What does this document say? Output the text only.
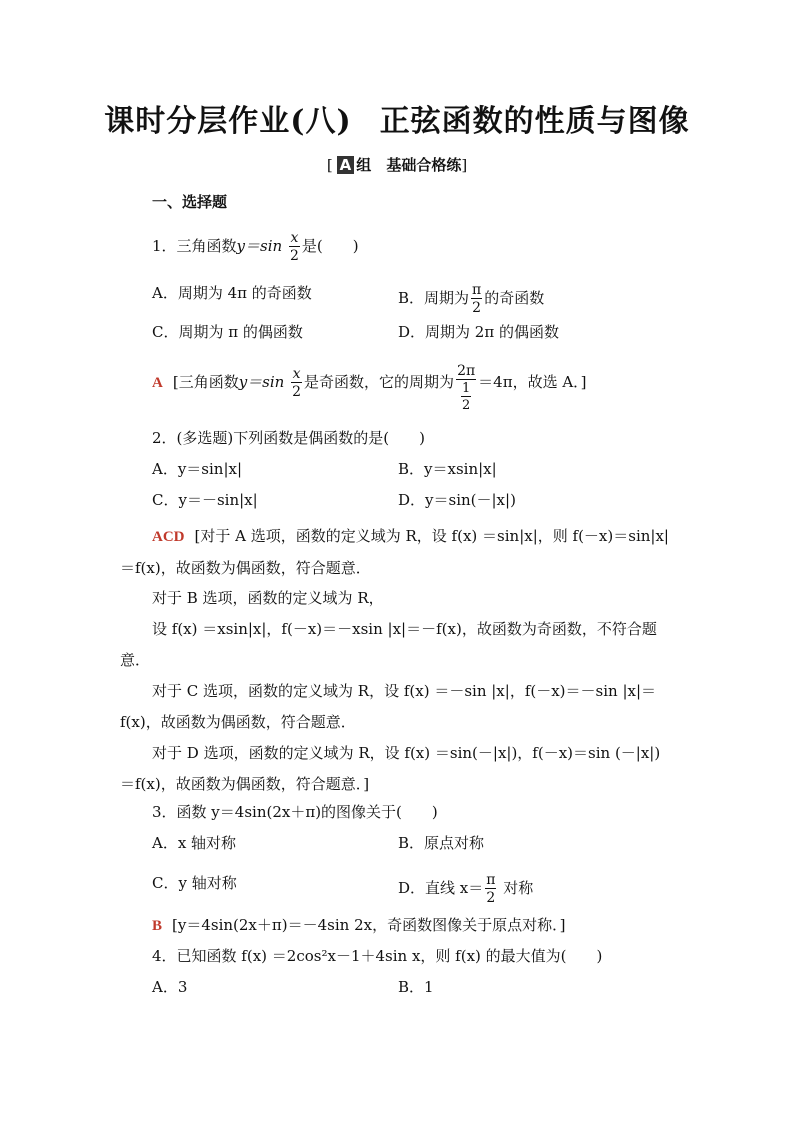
课时分层作业(八) 正弦函数的性质与图像
[ A 组　 基础合格练]
一、选择题
1．三角函数$y=\sin \frac{x}{2}$ 是(　　)
A．周期为 4π 的奇函数	B．周期为 $\frac{\pi}{2}$ 的奇函数
C．周期为 π 的偶函数	D．周期为 2π 的偶函数
A [三角函数$y=\sin \frac{x}{2}$ 是奇函数，它的周期为 $\frac{2\pi}{\frac{1}{2}} =4\pi$，故选 A．]
2．(多选题)下列函数是偶函数的是(　　)
A．y＝sin|x|	B．y＝xsin|x|
C．y＝－sin|x|	D．y＝sin(－|x|)
ACD [对于 A 选项，函数的定义域为 R，设 f(x) ＝sin|x|，则 f(－x)＝sin|x|＝f(x)，故函数为偶函数，符合题意．
对于 B 选项，函数的定义域为 R，
设 f(x) ＝xsin|x|，f(－x)＝－xsin |x|＝－f(x)，故函数为奇函数，不符合题意．
对于 C 选项，函数的定义域为 R，设 f(x) ＝－sin |x|，f(－x)＝－sin |x|＝f(x)，故函数为偶函数，符合题意．
对于 D 选项，函数的定义域为 R，设 f(x) ＝sin(－|x|)，f(－x)＝sin (－|x|)＝f(x)，故函数为偶函数，符合题意．]
3．函数 y＝4sin(2x＋π)的图像关于(　　)
A．x 轴对称	B．原点对称
C．y 轴对称	D．直线 $x= \frac{\pi}{2}$ 对称
B [y＝4sin(2x＋π)＝－4sin 2x，奇函数图像关于原点对称．]
4．已知函数 f(x) ＝2cos²x－1＋4sin x，则 f(x) 的最大值为(　　)
A．3	B．1
